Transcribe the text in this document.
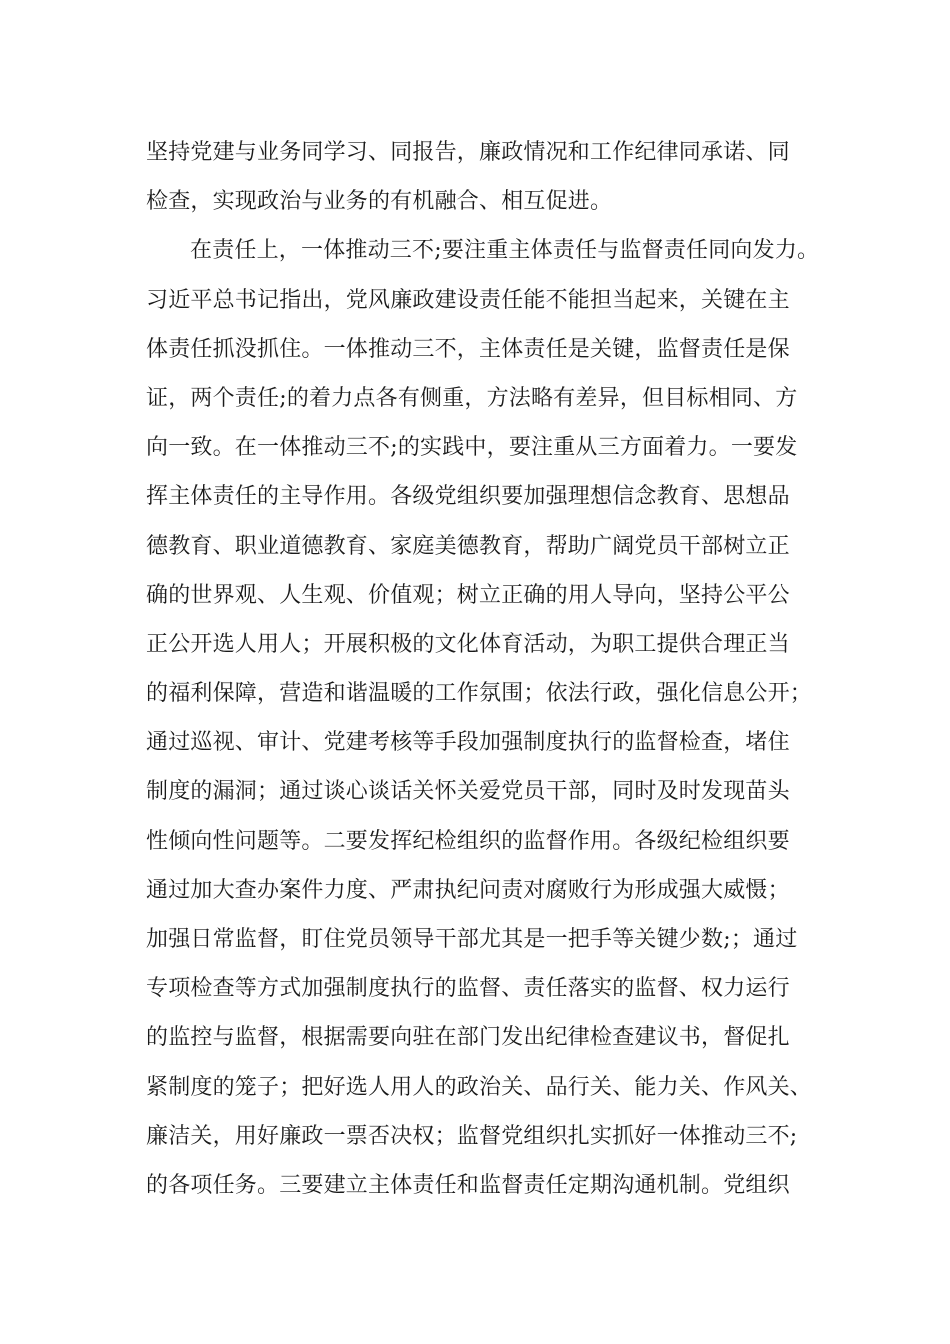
坚持党建与业务同学习、同报告，廉政情况和工作纪律同承诺、同
检查，实现政治与业务的有机融合、相互促进。
在责任上，一体推动三不;要注重主体责任与监督责任同向发力。
习近平总书记指出，党风廉政建设责任能不能担当起来，关键在主
体责任抓没抓住。一体推动三不，主体责任是关键，监督责任是保
证，两个责任;的着力点各有侧重，方法略有差异，但目标相同、方
向一致。在一体推动三不;的实践中，要注重从三方面着力。一要发
挥主体责任的主导作用。各级党组织要加强理想信念教育、思想品
德教育、职业道德教育、家庭美德教育，帮助广阔党员干部树立正
确的世界观、人生观、价值观；树立正确的用人导向，坚持公平公
正公开选人用人；开展积极的文化体育活动，为职工提供合理正当
的福利保障，营造和谐温暖的工作氛围；依法行政，强化信息公开；
通过巡视、审计、党建考核等手段加强制度执行的监督检查，堵住
制度的漏洞；通过谈心谈话关怀关爱党员干部，同时及时发现苗头
性倾向性问题等。二要发挥纪检组织的监督作用。各级纪检组织要
通过加大查办案件力度、严肃执纪问责对腐败行为形成强大威慑；
加强日常监督，盯住党员领导干部尤其是一把手等关键少数;；通过
专项检查等方式加强制度执行的监督、责任落实的监督、权力运行
的监控与监督，根据需要向驻在部门发出纪律检查建议书，督促扎
紧制度的笼子；把好选人用人的政治关、品行关、能力关、作风关、
廉洁关，用好廉政一票否决权；监督党组织扎实抓好一体推动三不;
的各项任务。三要建立主体责任和监督责任定期沟通机制。党组织
